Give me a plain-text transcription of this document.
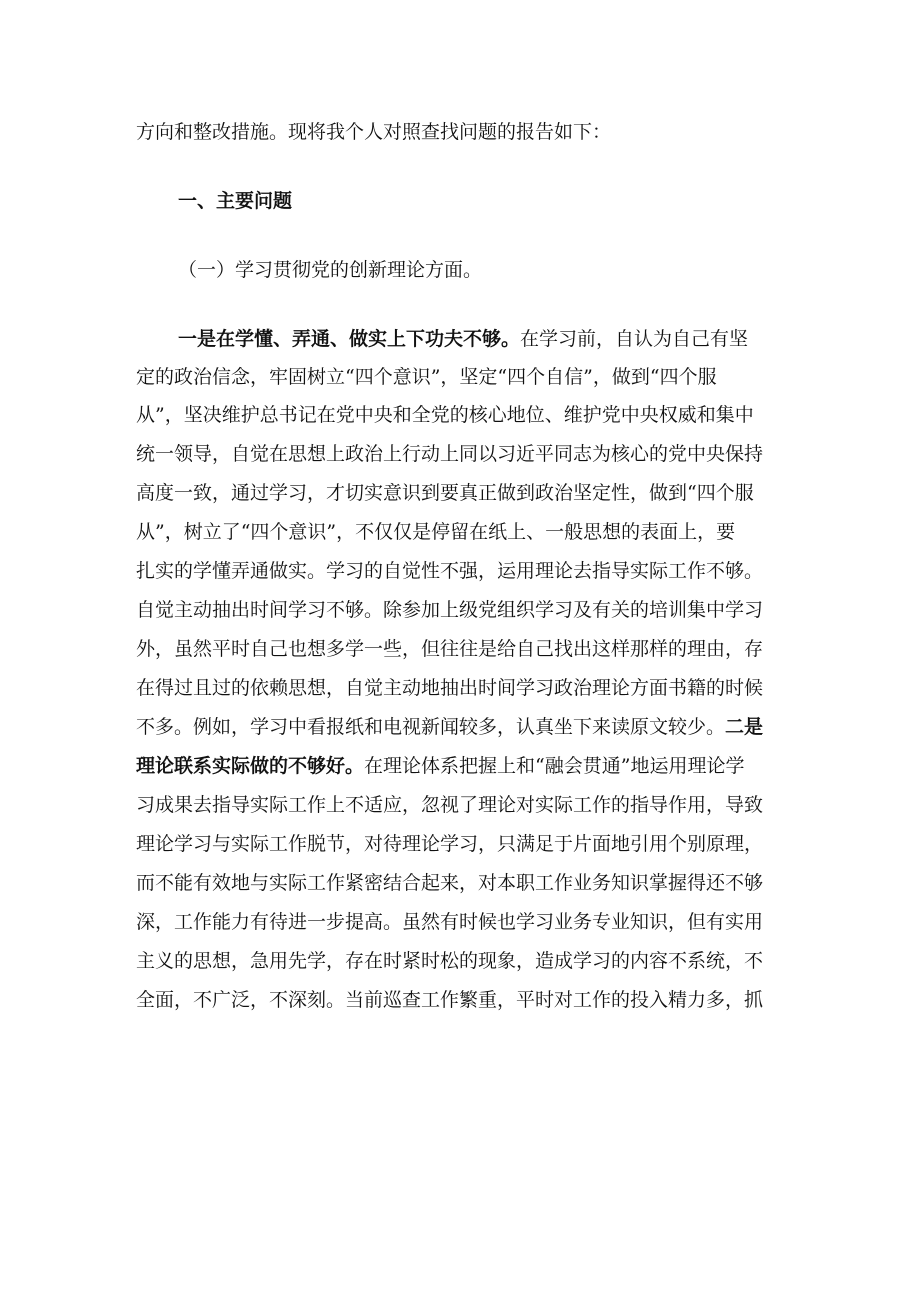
方向和整改措施。现将我个人对照查找问题的报告如下：
一、主要问题
（一）学习贯彻党的创新理论方面。
一是在学懂、弄通、做实上下功夫不够。在学习前，自认为自己有坚
定的政治信念，牢固树立“四个意识”，坚定“四个自信”，做到“四个服
从”，坚决维护总书记在党中央和全党的核心地位、维护党中央权威和集中
统一领导，自觉在思想上政治上行动上同以习近平同志为核心的党中央保持
高度一致，通过学习，才切实意识到要真正做到政治坚定性，做到“四个服
从”，树立了“四个意识”，不仅仅是停留在纸上、一般思想的表面上，要
扎实的学懂弄通做实。学习的自觉性不强，运用理论去指导实际工作不够。
自觉主动抽出时间学习不够。除参加上级党组织学习及有关的培训集中学习
外，虽然平时自己也想多学一些，但往往是给自己找出这样那样的理由，存
在得过且过的依赖思想，自觉主动地抽出时间学习政治理论方面书籍的时候
不多。例如，学习中看报纸和电视新闻较多，认真坐下来读原文较少。二是
理论联系实际做的不够好。在理论体系把握上和“融会贯通”地运用理论学
习成果去指导实际工作上不适应，忽视了理论对实际工作的指导作用，导致
理论学习与实际工作脱节，对待理论学习，只满足于片面地引用个别原理，
而不能有效地与实际工作紧密结合起来，对本职工作业务知识掌握得还不够
深，工作能力有待进一步提高。虽然有时候也学习业务专业知识，但有实用
主义的思想，急用先学，存在时紧时松的现象，造成学习的内容不系统，不
全面，不广泛，不深刻。当前巡查工作繁重，平时对工作的投入精力多，抓
